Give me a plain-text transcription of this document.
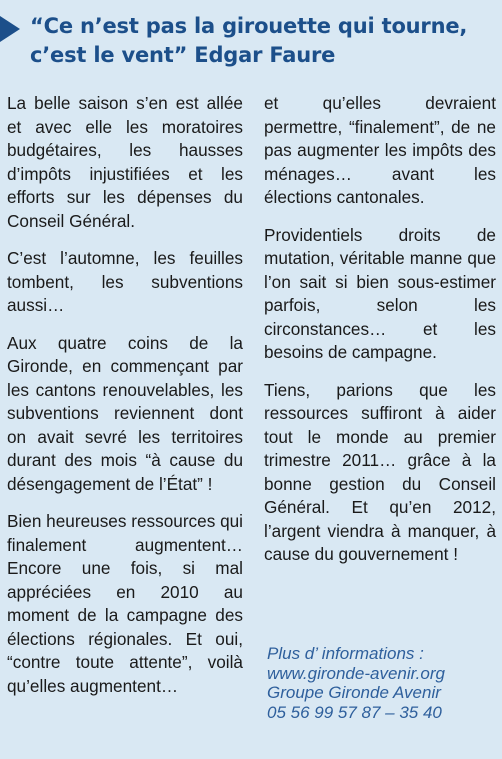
“Ce n’est pas la girouette qui tourne,
c’est le vent” Edgar Faure

La belle saison s’en est allée et avec elle les moratoires budgétaires, les hausses d’impôts injustifiées et les efforts sur les dépenses du Conseil Général.

C’est l’automne, les feuilles tombent, les subventions aussi…

Aux quatre coins de la Gironde, en commençant par les cantons renouvelables, les subventions reviennent dont on avait sevré les territoires durant des mois “à cause du désengagement de l’État” !

Bien heureuses ressources qui finalement augmentent… Encore une fois, si mal appréciées en 2010 au moment de la campagne des élections régionales. Et oui, “contre toute attente”, voilà qu’elles augmentent…

et qu’elles devraient permettre, “finalement”, de ne pas augmenter les impôts des ménages… avant les élections cantonales.

Providentiels droits de mutation, véritable manne que l’on sait si bien sous-estimer parfois, selon les circonstances… et les besoins de campagne.

Tiens, parions que les ressources suffiront à aider tout le monde au premier trimestre 2011… grâce à la bonne gestion du Conseil Général. Et qu’en 2012, l’argent viendra à manquer, à cause du gouvernement !

Plus d’ informations :
www.gironde-avenir.org
Groupe Gironde Avenir
05 56 99 57 87 – 35 40
